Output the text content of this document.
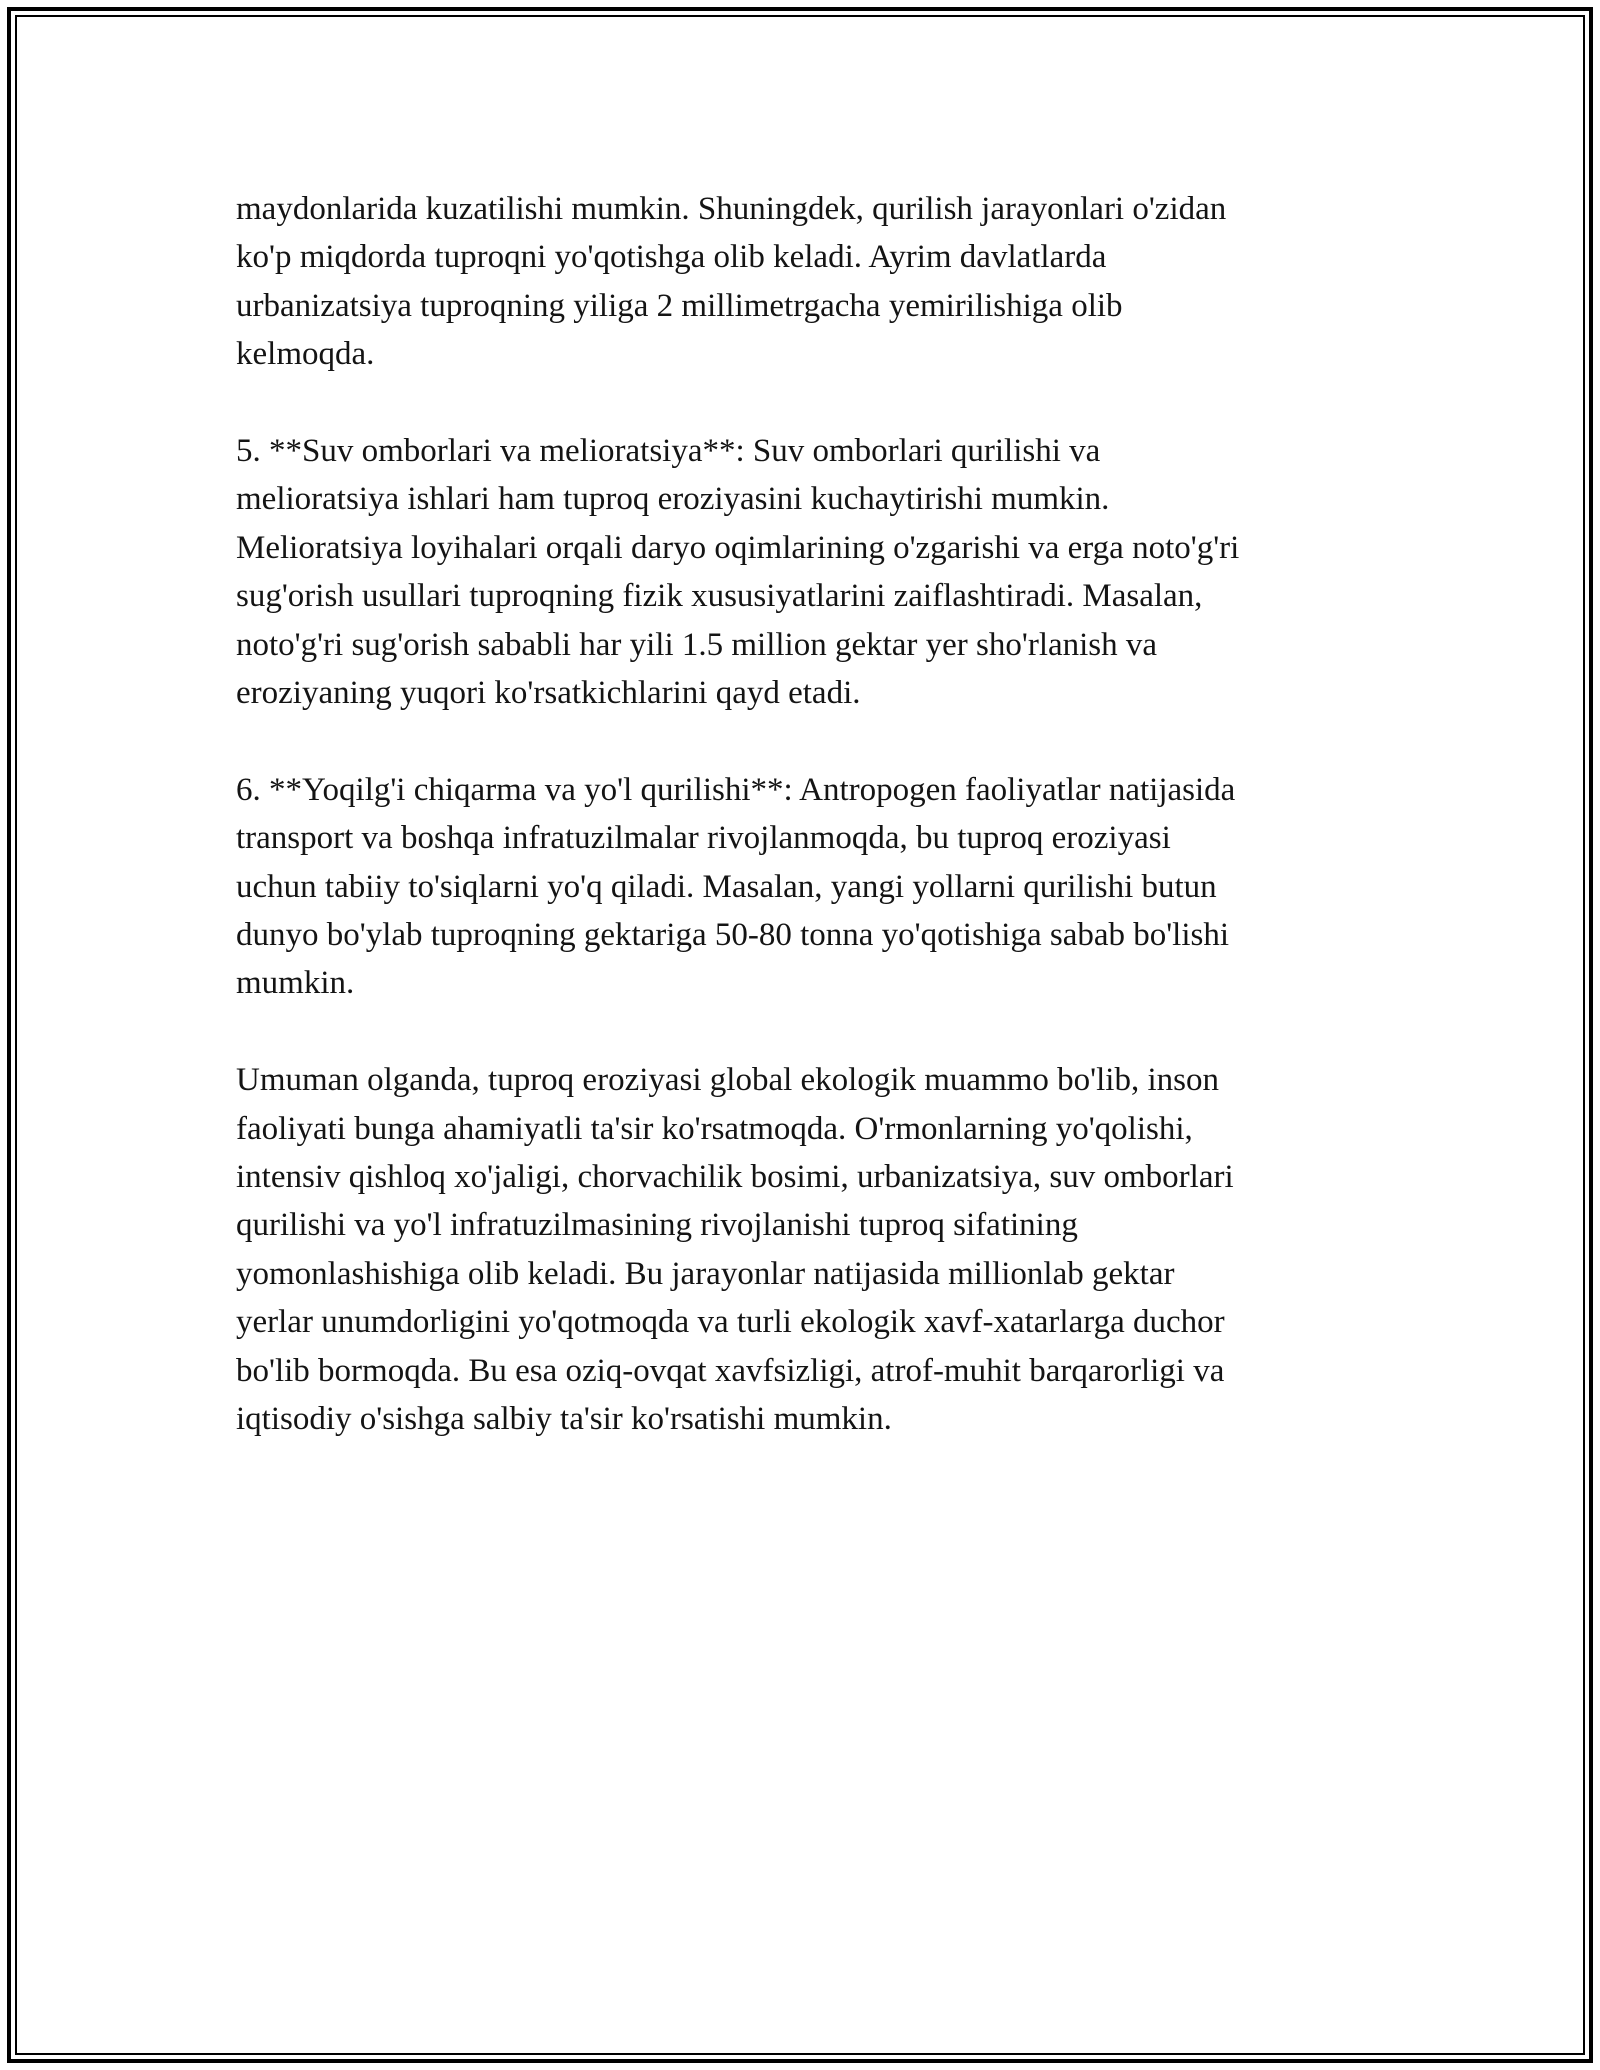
maydonlarida kuzatilishi mumkin. Shuningdek, qurilish jarayonlari o'zidan
ko'p miqdorda tuproqni yo'qotishga olib keladi. Ayrim davlatlarda
urbanizatsiya tuproqning yiliga 2 millimetrgacha yemirilishiga olib
kelmoqda.

5. **Suv omborlari va melioratsiya**: Suv omborlari qurilishi va
melioratsiya ishlari ham tuproq eroziyasini kuchaytirishi mumkin.
Melioratsiya loyihalari orqali daryo oqimlarining o'zgarishi va erga noto'g'ri
sug'orish usullari tuproqning fizik xususiyatlarini zaiflashtiradi. Masalan,
noto'g'ri sug'orish sababli har yili 1.5 million gektar yer sho'rlanish va
eroziyaning yuqori ko'rsatkichlarini qayd etadi.

6. **Yoqilg'i chiqarma va yo'l qurilishi**: Antropogen faoliyatlar natijasida
transport va boshqa infratuzilmalar rivojlanmoqda, bu tuproq eroziyasi
uchun tabiiy to'siqlarni yo'q qiladi. Masalan, yangi yollarni qurilishi butun
dunyo bo'ylab tuproqning gektariga 50-80 tonna yo'qotishiga sabab bo'lishi
mumkin.

Umuman olganda, tuproq eroziyasi global ekologik muammo bo'lib, inson
faoliyati bunga ahamiyatli ta'sir ko'rsatmoqda. O'rmonlarning yo'qolishi,
intensiv qishloq xo'jaligi, chorvachilik bosimi, urbanizatsiya, suv omborlari
qurilishi va yo'l infratuzilmasining rivojlanishi tuproq sifatining
yomonlashishiga olib keladi. Bu jarayonlar natijasida millionlab gektar
yerlar unumdorligini yo'qotmoqda va turli ekologik xavf-xatarlarga duchor
bo'lib bormoqda. Bu esa oziq-ovqat xavfsizligi, atrof-muhit barqarorligi va
iqtisodiy o'sishga salbiy ta'sir ko'rsatishi mumkin.
